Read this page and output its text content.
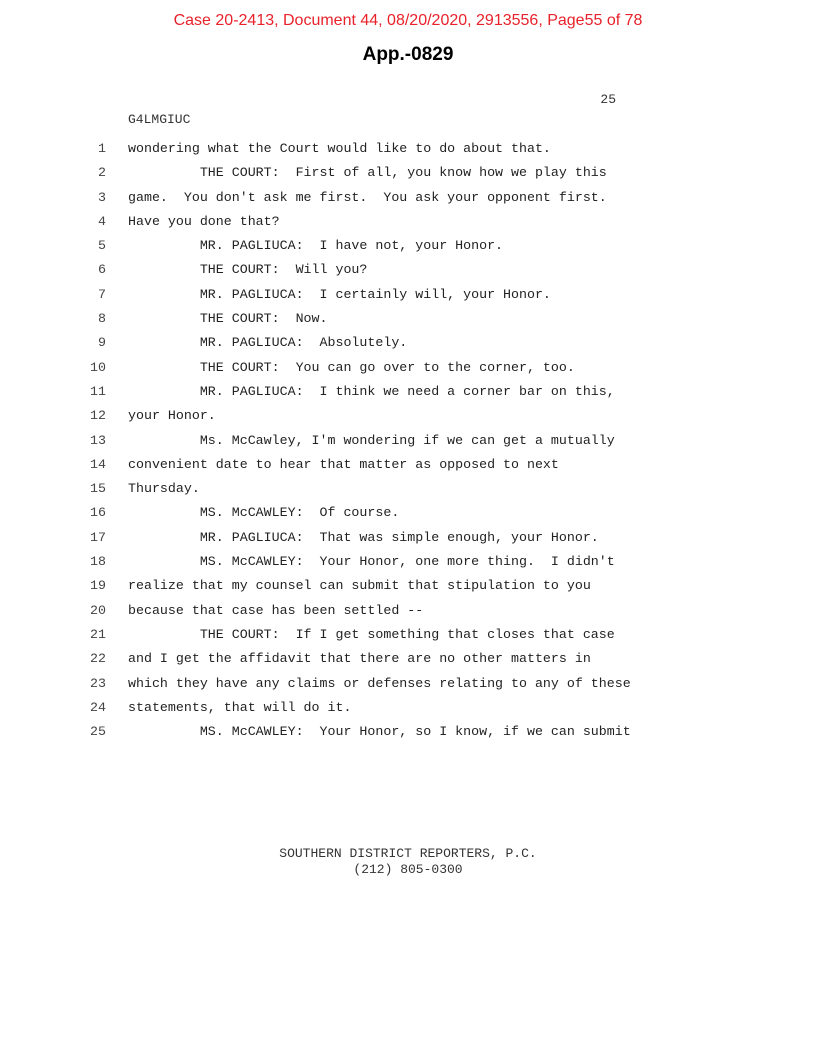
Case 20-2413, Document 44, 08/20/2020, 2913556, Page55 of 78
App.-0829
25
G4LMGIUC
1 wondering what the Court would like to do about that.
2 THE COURT:  First of all, you know how we play this
3 game.  You don't ask me first.  You ask your opponent first.
4 Have you done that?
5 MR. PAGLIUCA:  I have not, your Honor.
6 THE COURT:  Will you?
7 MR. PAGLIUCA:  I certainly will, your Honor.
8 THE COURT:  Now.
9 MR. PAGLIUCA:  Absolutely.
10 THE COURT:  You can go over to the corner, too.
11 MR. PAGLIUCA:  I think we need a corner bar on this,
12 your Honor.
13 Ms. McCawley, I'm wondering if we can get a mutually
14 convenient date to hear that matter as opposed to next
15 Thursday.
16 MS. McCAWLEY:  Of course.
17 MR. PAGLIUCA:  That was simple enough, your Honor.
18 MS. McCAWLEY:  Your Honor, one more thing.  I didn't
19 realize that my counsel can submit that stipulation to you
20 because that case has been settled --
21 THE COURT:  If I get something that closes that case
22 and I get the affidavit that there are no other matters in
23 which they have any claims or defenses relating to any of these
24 statements, that will do it.
25 MS. McCAWLEY:  Your Honor, so I know, if we can submit
SOUTHERN DISTRICT REPORTERS, P.C.
(212) 805-0300
